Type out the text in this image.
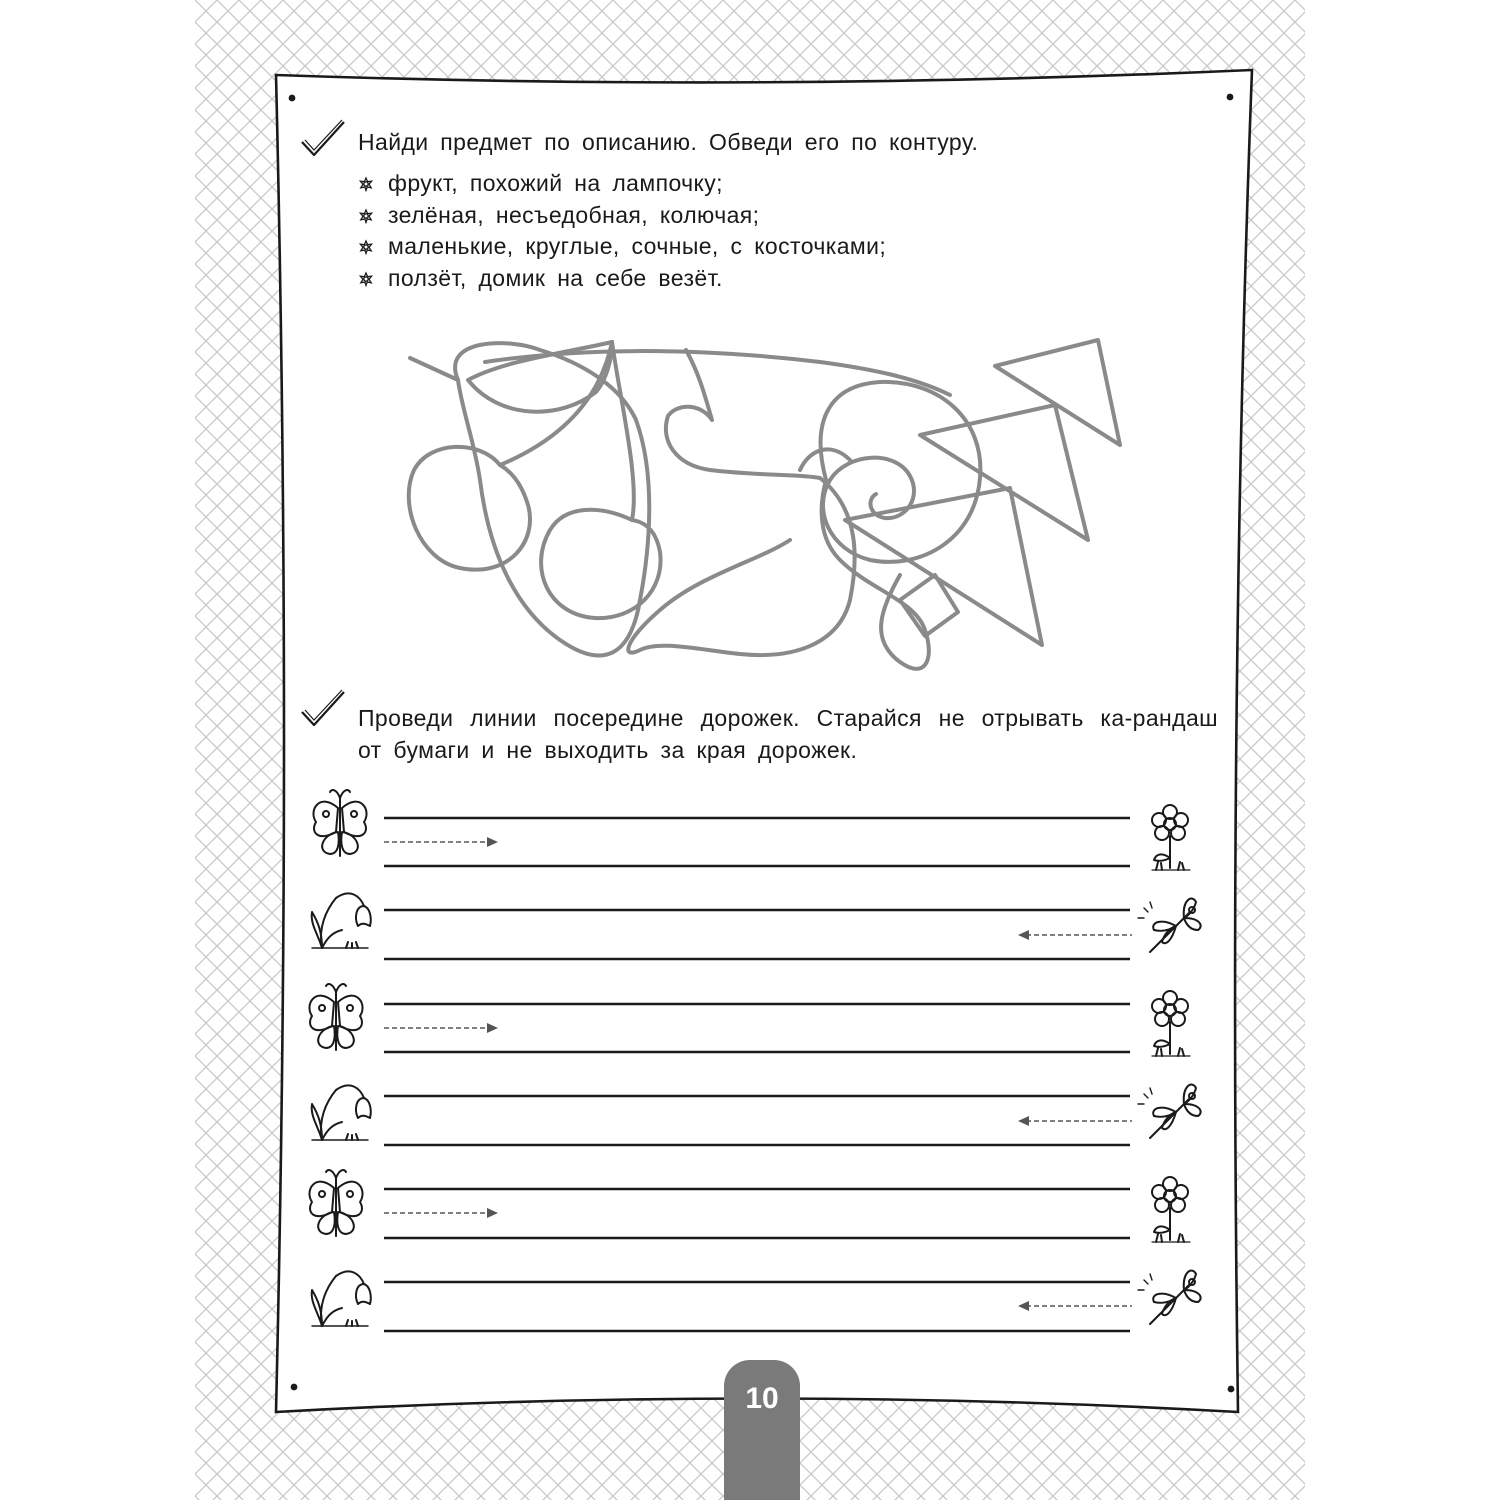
Найди предмет по описанию. Обведи его по контуру.

фрукт, похожий на лампочку;
зелёная, несъедобная, колючая;
маленькие, круглые, сочные, с косточками;
ползёт, домик на себе везёт.

Проведи линии посередине дорожек. Старайся не отрывать ка-рандаш от бумаги и не выходить за края дорожек.

10
